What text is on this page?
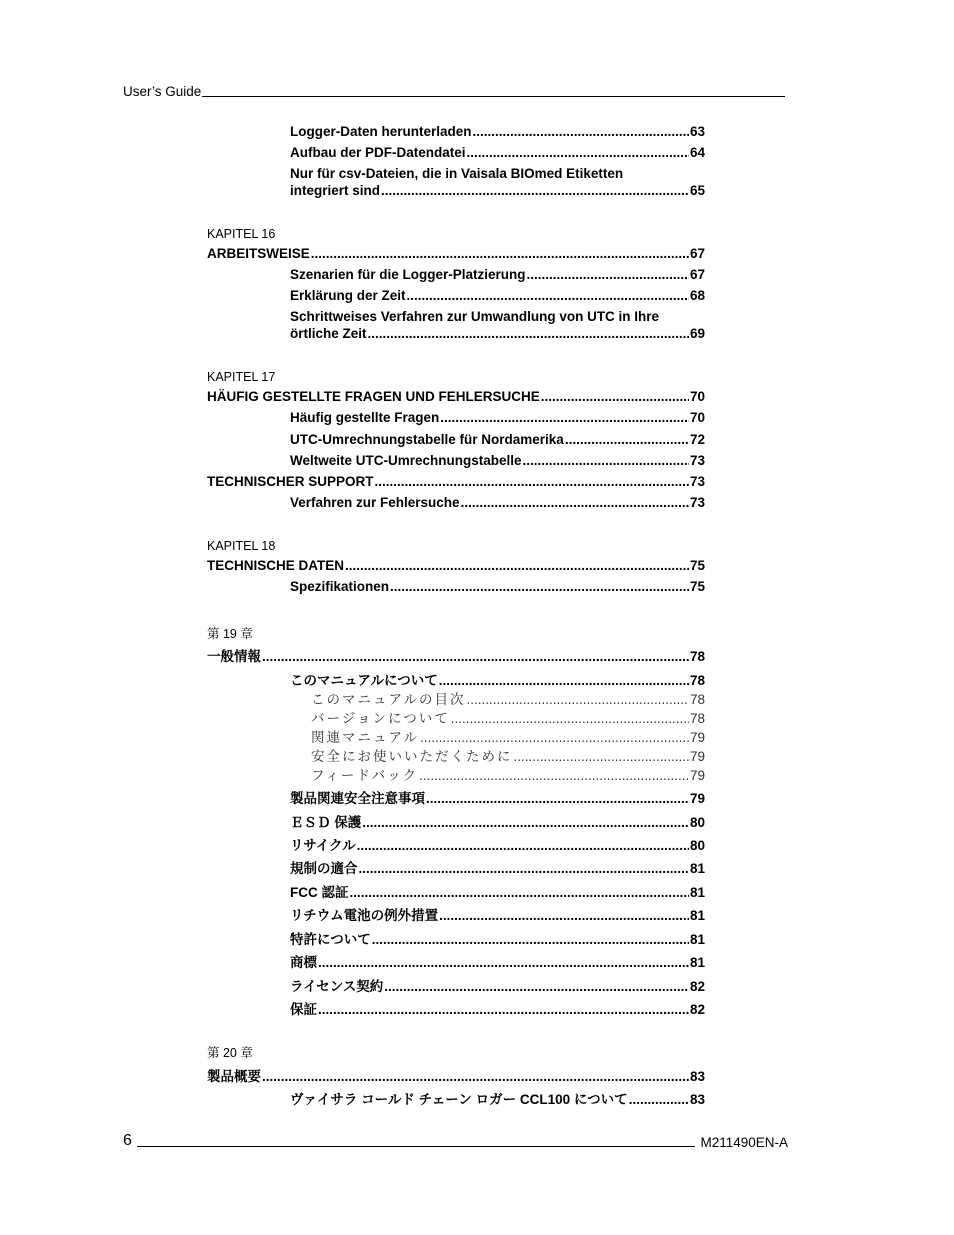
User’s Guide
Logger-Daten herunterladen .....	63
Aufbau der PDF-Datendatei .....	64
Nur für csv-Dateien, die in Vaisala BIOmed Etiketten
integriert sind .....	65
KAPITEL 16
ARBEITSWEISE .....	67
Szenarien für die Logger-Platzierung .....	67
Erklärung der Zeit .....	68
Schrittweises Verfahren zur Umwandlung von UTC in Ihre
örtliche Zeit .....	69
KAPITEL 17
HÄUFIG GESTELLTE FRAGEN UND FEHLERSUCHE .....	70
Häufig gestellte Fragen .....	70
UTC-Umrechnungstabelle für Nordamerika .....	72
Weltweite UTC-Umrechnungstabelle .....	73
TECHNISCHER SUPPORT .....	73
Verfahren zur Fehlersuche .....	73
KAPITEL 18
TECHNISCHE DATEN .....	75
Spezifikationen .....	75
第 19 章
一般情報 .....	78
このマニュアルについて .....	78
このマニュアルの目次 .....	78
バージョンについて .....	78
関連マニュアル .....	79
安全にお使いいただくために .....	79
フィードバック .....	79
製品関連安全注意事項 .....	79
ＥＳＤ 保護 .....	80
リサイクル .....	80
規制の適合 .....	81
FCC 認証 .....	81
リチウム電池の例外措置 .....	81
特許について .....	81
商標 .....	81
ライセンス契約 .....	82
保証 .....	82
第 20 章
製品概要 .....	83
ヴァイサラ コールド チェーン ロガー CCL100 について .....	83
6	M211490EN-A
